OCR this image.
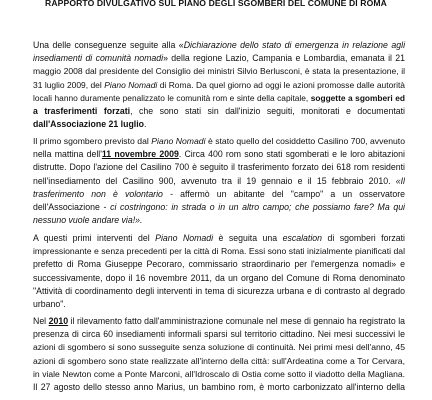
RAPPORTO DIVULGATIVO SUL PIANO DEGLI SGOMBERI DEL COMUNE DI ROMA

Una delle conseguenze seguite alla «Dichiarazione dello stato di emergenza in relazione agli
insediamenti di comunità nomadi» della regione Lazio, Campania e Lombardia, emanata il 21
maggio 2008 dal presidente del Consiglio dei ministri Silvio Berlusconi, è stata la presentazione, il
31 luglio 2009, del Piano Nomadi di Roma. Da quel giorno ad oggi le azioni promosse dalle autorità
locali hanno duramente penalizzato le comunità rom e sinte della capitale, soggette a sgomberi ed
a trasferimenti forzati, che sono stati sin dall'inizio seguiti, monitorati e documentati
dall'Associazione 21 luglio.

Il primo sgombero previsto dal Piano Nomadi è stato quello del cosiddetto Casilino 700, avvenuto
nella mattina dell'11 novembre 2009. Circa 400 rom sono stati sgomberati e le loro abitazioni
distrutte. Dopo l'azione del Casilino 700 è seguito il trasferimento forzato dei 618 rom residenti
nell'insediamento del Casilino 900, avvenuto tra il 19 gennaio e il 15 febbraio 2010. «Il
trasferimento non è volontario - affermò un abitante del "campo" a un osservatore
dell'Associazione - ci costringono: in strada o in un altro campo; che possiamo fare? Ma qui
nessuno vuole andare via!».

A questi primi interventi del Piano Nomadi è seguita una escalation di sgomberi forzati
impressionante e senza precedenti per la città di Roma. Essi sono stati inizialmente pianificati dal
prefetto di Roma Giuseppe Pecoraro, commissario straordinario per l'emergenza nomadi» e
successivamente, dopo il 16 novembre 2011, da un organo del Comune di Roma denominato
"Attività di coordinamento degli interventi in tema di sicurezza urbana e di contrasto al degrado
urbano".

Nel 2010 il rilevamento fatto dall'amministrazione comunale nel mese di gennaio ha registrato la
presenza di circa 60 insediamenti informali sparsi sul territorio cittadino. Nei mesi successivi le
azioni di sgombero si sono susseguite senza soluzione di continuità. Nei primi mesi dell'anno, 45
azioni di sgombero sono state realizzate all'interno della città: sull'Ardeatina come a Tor Cervara,
in viale Newton come a Ponte Marconi, all'Idroscalo di Ostia come sotto il viadotto della Magliana.
Il 27 agosto dello stesso anno Marius, un bambino rom, è morto carbonizzato all'interno della
